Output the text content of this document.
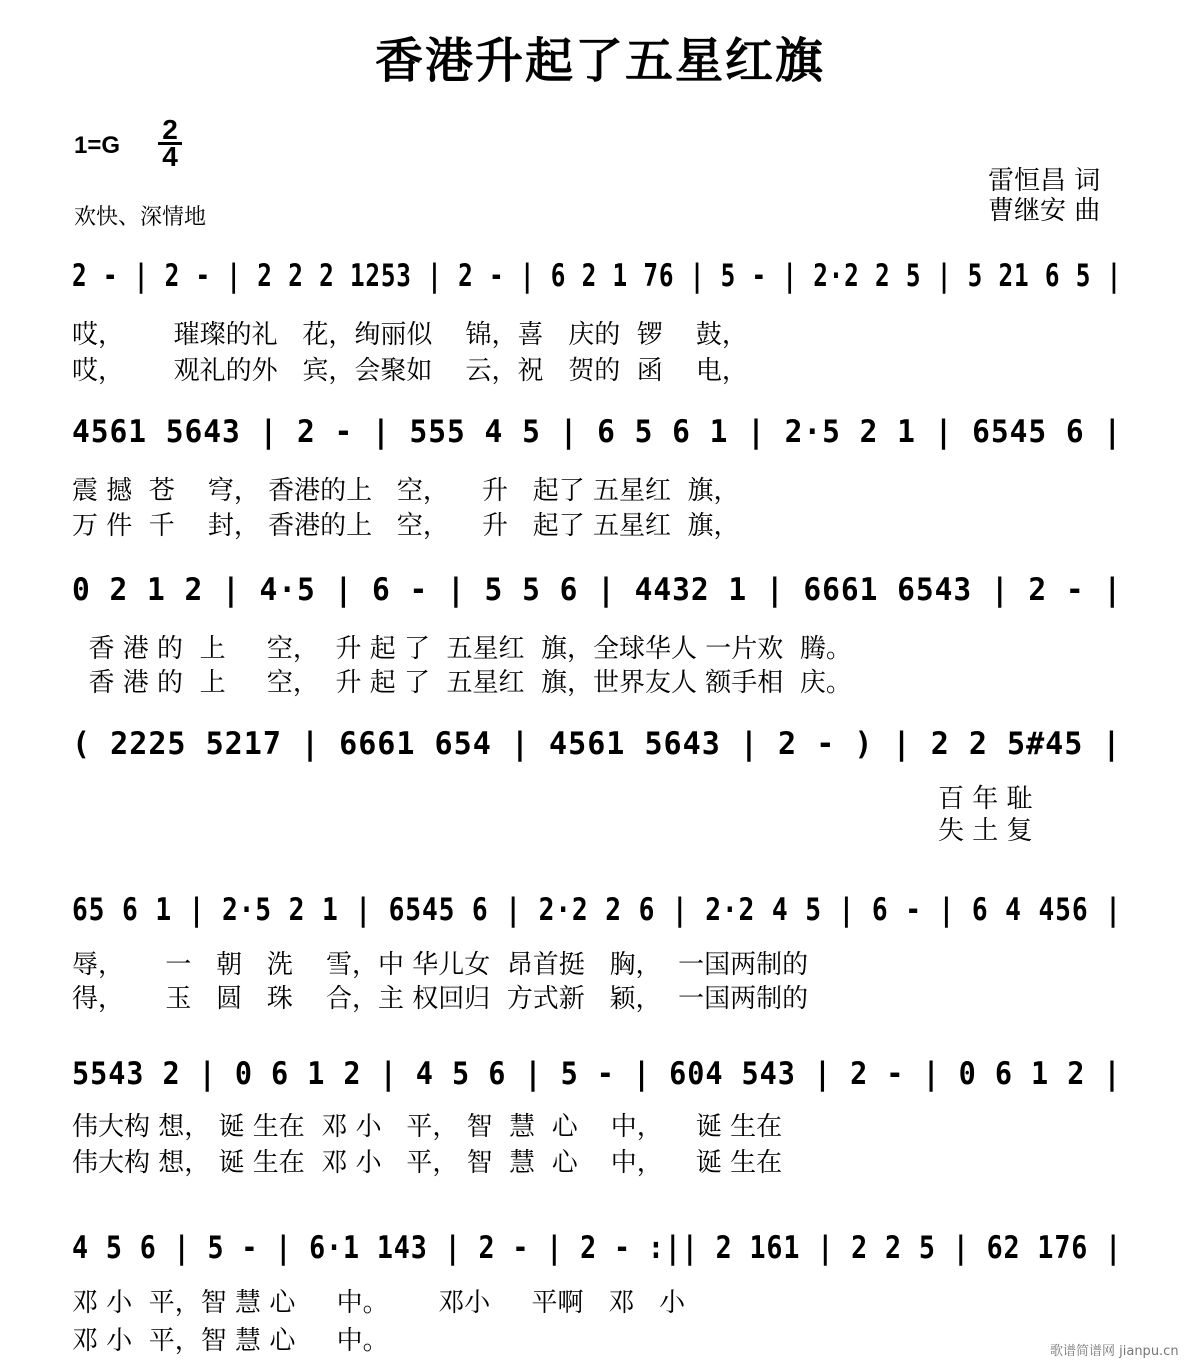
香港升起了五星红旗
1=G
2
4
欢快、深情地
雷恒昌 词
曹继安 曲
2 - | 2 - | 2 2 2 1253 | 2 - | 6 2 1 76 | 5 - | 2·2 2 5 | 5 21 6 5 |
哎，      璀璨的礼   花，绚丽似    锦，喜   庆的  锣    鼓，
哎，      观礼的外   宾，会聚如    云，祝   贺的  函    电，
4561 5643 | 2 - | 555 4 5 | 6 5 6 1 | 2·5 2 1 | 6545 6 |
震 撼  苍    穹， 香港的上   空，    升   起了 五星红  旗，
万 件  千    封， 香港的上   空，    升   起了 五星红  旗，
0 2 1 2 | 4·5 | 6 - | 5 5 6 | 4432 1 | 6661 6543 | 2 - |
香 港 的  上     空，  升 起 了  五星红  旗，全球华人 一片欢  腾。
香 港 的  上     空，  升 起 了  五星红  旗，世界友人 额手相  庆。
( 2225 5217 | 6661 654 | 4561 5643 | 2 - ) | 2 2 5#45 |
百 年 耻
失 土 复
65 6 1 | 2·5 2 1 | 6545 6 | 2·2 2 6 | 2·2 4 5 | 6 - | 6 4 456 |
辱，     一   朝   洗    雪，中 华儿女  昂首挺   胸，  一国两制的
得，     玉   圆   珠    合，主 权回归  方式新   颖，  一国两制的
5543 2 | 0 6 1 2 | 4 5 6 | 5 - | 604 543 | 2 - | 0 6 1 2 |
伟大构 想， 诞 生在  邓 小   平， 智  慧  心    中，    诞 生在
伟大构 想， 诞 生在  邓 小   平， 智  慧  心    中，    诞 生在
4 5 6 | 5 - | 6·1 143 | 2 - | 2 - :|| 2 161 | 2 2 5 | 62 176 |
邓 小  平，智 慧 心     中。      邓小     平啊   邓   小
邓 小  平，智 慧 心     中。	歌谱简谱网 jianpu.cn
